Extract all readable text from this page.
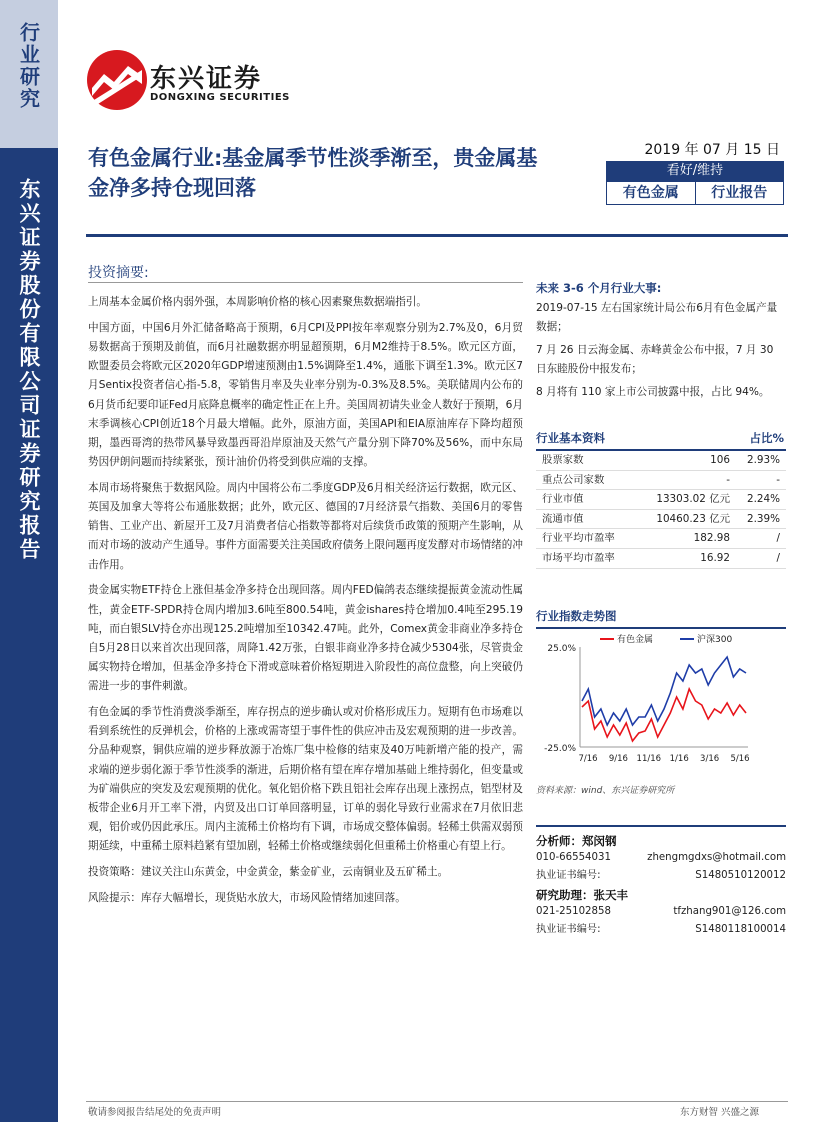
行业研究
东兴证券股份有限公司证券研究报告
东兴证券
DONGXING SECURITIES
有色金属行业:基金属季节性淡季渐至，贵金属基金净多持仓现回落
2019 年 07 月 15 日
看好/维持
有色金属	行业报告
投资摘要:

上周基本金属价格内弱外强，本周影响价格的核心因素聚焦数据端指引。

中国方面，中国6月外汇储备略高于预期，6月CPI及PPI按年率观察分别为2.7%及0，6月贸易数据高于预期及前值，而6月社融数据亦明显超预期，6月M2维持于8.5%。欧元区方面，欧盟委员会将欧元区2020年GDP增速预测由1.5%调降至1.4%，通胀下调至1.3%。欧元区7月Sentix投资者信心指-5.8，零销售月率及失业率分别为-0.3%及8.5%。美联储周内公布的6月货币纪要印证Fed月底降息概率的确定性正在上升。美国周初请失业金人数好于预期，6月末季调核心CPI创近18个月最大增幅。此外，原油方面，美国API和EIA原油库存下降均超预期，墨西哥湾的热带风暴导致墨西哥沿岸原油及天然气产量分别下降70%及56%，而中东局势因伊朗问题而持续紧张，预计油价仍将受到供应端的支撑。

本周市场将聚焦于数据风险。周内中国将公布二季度GDP及6月相关经济运行数据，欧元区、英国及加拿大等将公布通胀数据；此外，欧元区、德国的7月经济景气指数、美国6月的零售销售、工业产出、新屋开工及7月消费者信心指数等都将对后续货币政策的预期产生影响，从而对市场的波动产生通导。事件方面需要关注美国政府债务上限问题再度发酵对市场情绪的冲击作用。

贵金属实物ETF持仓上涨但基金净多持仓出现回落。周内FED偏鸽表态继续提振黄金流动性属性，黄金ETF-SPDR持仓周内增加3.6吨至800.54吨，黄金ishares持仓增加0.4吨至295.19吨，而白银SLV持仓亦出现125.2吨增加至10342.47吨。此外，Comex黄金非商业净多持仓自5月28日以来首次出现回落，周降1.42万张，白银非商业净多持仓减少5304张，尽管贵金属实物持仓增加，但基金净多持仓下滑或意味着价格短期进入阶段性的高位盘整，向上突破仍需进一步的事件刺激。

有色金属的季节性消费淡季渐至，库存拐点的逆步确认或对价格形成压力。短期有色市场难以看到系统性的反弹机会，价格的上涨或需寄望于事件性的供应冲击及宏观预期的进一步改善。分品种观察，铜供应端的逆步释放源于冶炼厂集中检修的结束及40万吨新增产能的投产，需求端的逆步弱化源于季节性淡季的渐进，后期价格有望在库存增加基础上维持弱化，但变量或为矿端供应的突发及宏观预期的优化。氧化铝价格下跌且铝社会库存出现上涨拐点，铝型材及板带企业6月开工率下滑，内贸及出口订单回落明显，订单的弱化导致行业需求在7月依旧悲观，铝价或仍因此承压。周内主流稀土价格均有下调，市场成交整体偏弱。轻稀土供需双弱预期延续，中重稀土原料趋紧有望加剧，轻稀土价格或继续弱化但重稀土价格重心有望上行。

投资策略：建议关注山东黄金，中金黄金，紫金矿业，云南铜业及五矿稀土。

风险提示：库存大幅增长，现货贴水放大，市场风险情绪加速回落。

未来 3-6 个月行业大事:

2019-07-15 左右国家统计局公布6月有色金属产量数据；

7 月 26 日云海金属、赤峰黄金公布中报，7 月 30 日东睦股份中报发布；

8 月将有 110 家上市公司披露中报，占比 94%。

行业基本资料	占比%
股票家数	106	2.93%
重点公司家数	-	-
行业市值	13303.02 亿元	2.24%
流通市值	10460.23 亿元	2.39%
行业平均市盈率	182.98	/
市场平均市盈率	16.92	/
行业指数走势图
25.0%
-25.0%
7/16 9/16 11/16 1/16 3/16 5/16
有色金属	沪深300
资料来源：wind、东兴证券研究所
分析师：郑闵钢
010-66554031	zhengmgdxs@hotmail.com
执业证书编号:	S1480510120012
研究助理：张天丰
021-25102858	tfzhang901@126.com
执业证书编号:	S1480118100014
敬请参阅报告结尾处的免责声明	东方财智 兴盛之源
